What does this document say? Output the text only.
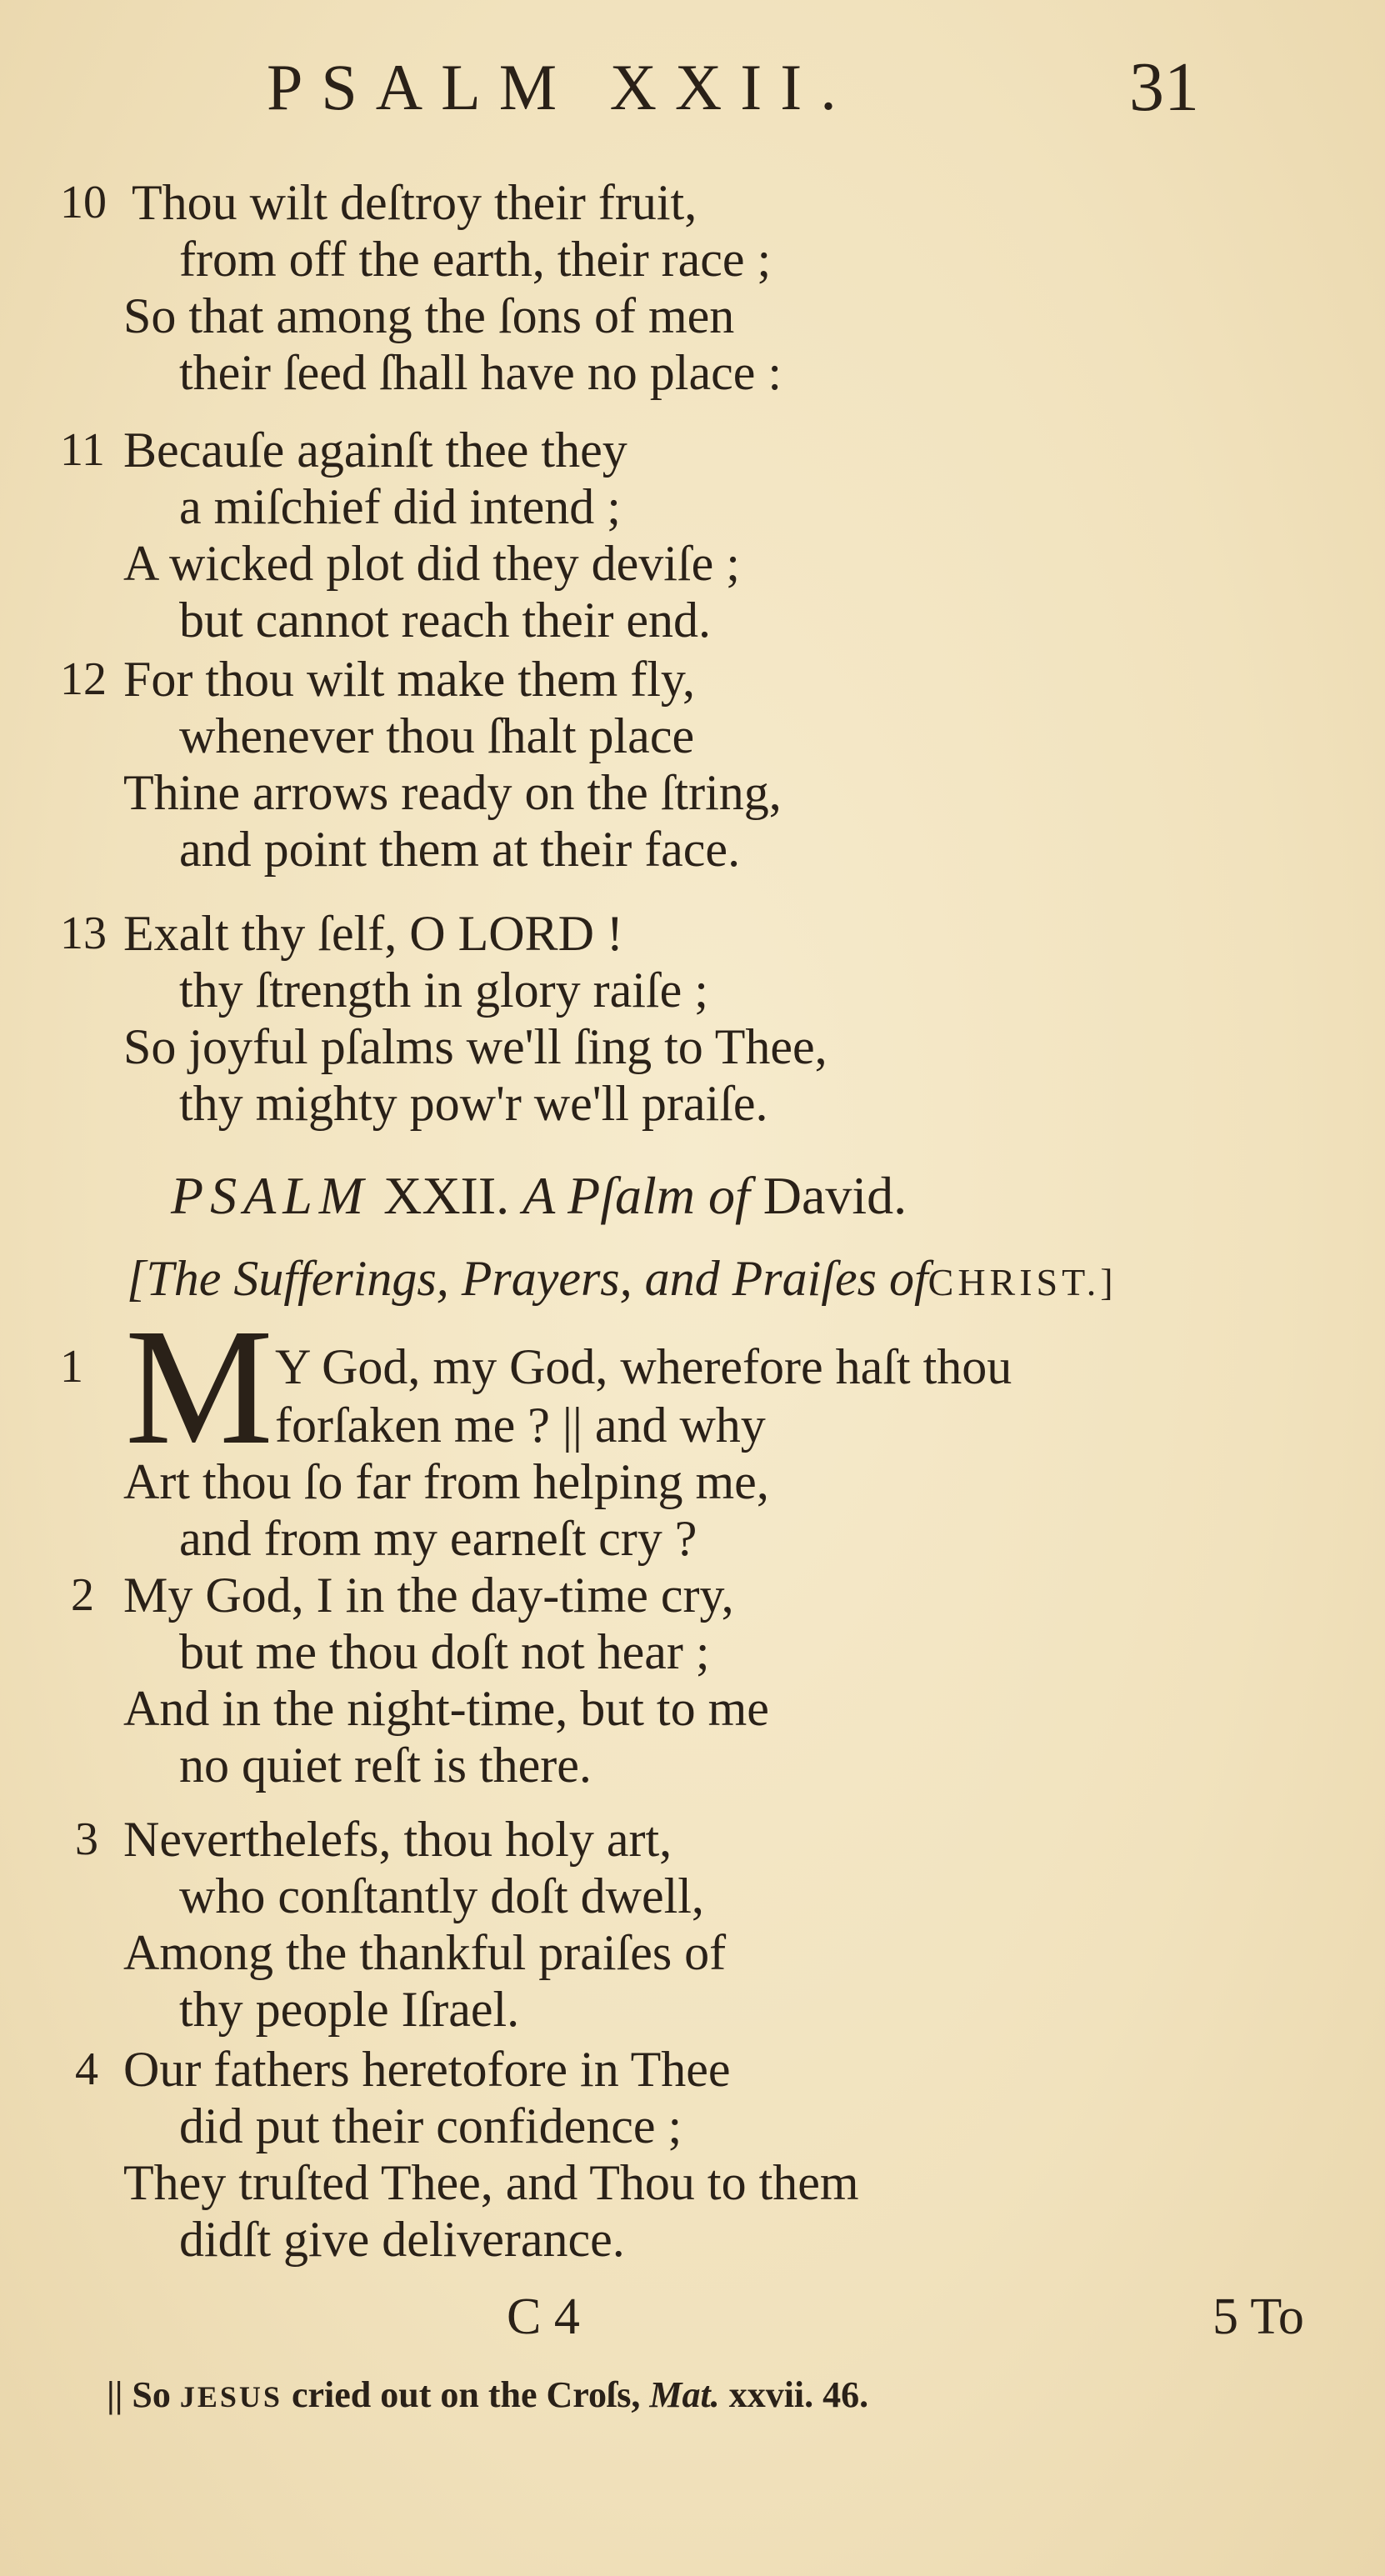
PSALM XXII.	31
10 Thou wilt deſtroy their fruit,
from off the earth, their race ;
So that among the ſons of men
their ſeed ſhall have no place :
11 Becauſe againſt thee they
a miſchief did intend ;
A wicked plot did they deviſe ;
but cannot reach their end.
12 For thou wilt make them fly,
whenever thou ſhalt place
Thine arrows ready on the ſtring,
and point them at their face.
13 Exalt thy ſelf, O LORD !
thy ſtrength in glory raiſe ;
So joyful pſalms we'll ſing to Thee,
thy mighty pow'r we'll praiſe.
PSALM XXII. A Pſalm of David.
[The Sufferings, Prayers, and Praiſes ofCHRIST.]
1 M Y God, my God, wherefore haſt thou
forſaken me ? || and why
Art thou ſo far from helping me,
and from my earneſt cry ?
2 My God, I in the day-time cry,
but me thou doſt not hear ;
And in the night-time, but to me
no quiet reſt is there.
3 Neverthelefs, thou holy art,
who conſtantly doſt dwell,
Among the thankful praiſes of
thy people Iſrael.
4 Our fathers heretofore in Thee
did put their confidence ;
They truſted Thee, and Thou to them
didſt give deliverance.
C 4	5 To
|| So JESUS cried out on the Croſs, Mat. xxvii. 46.
